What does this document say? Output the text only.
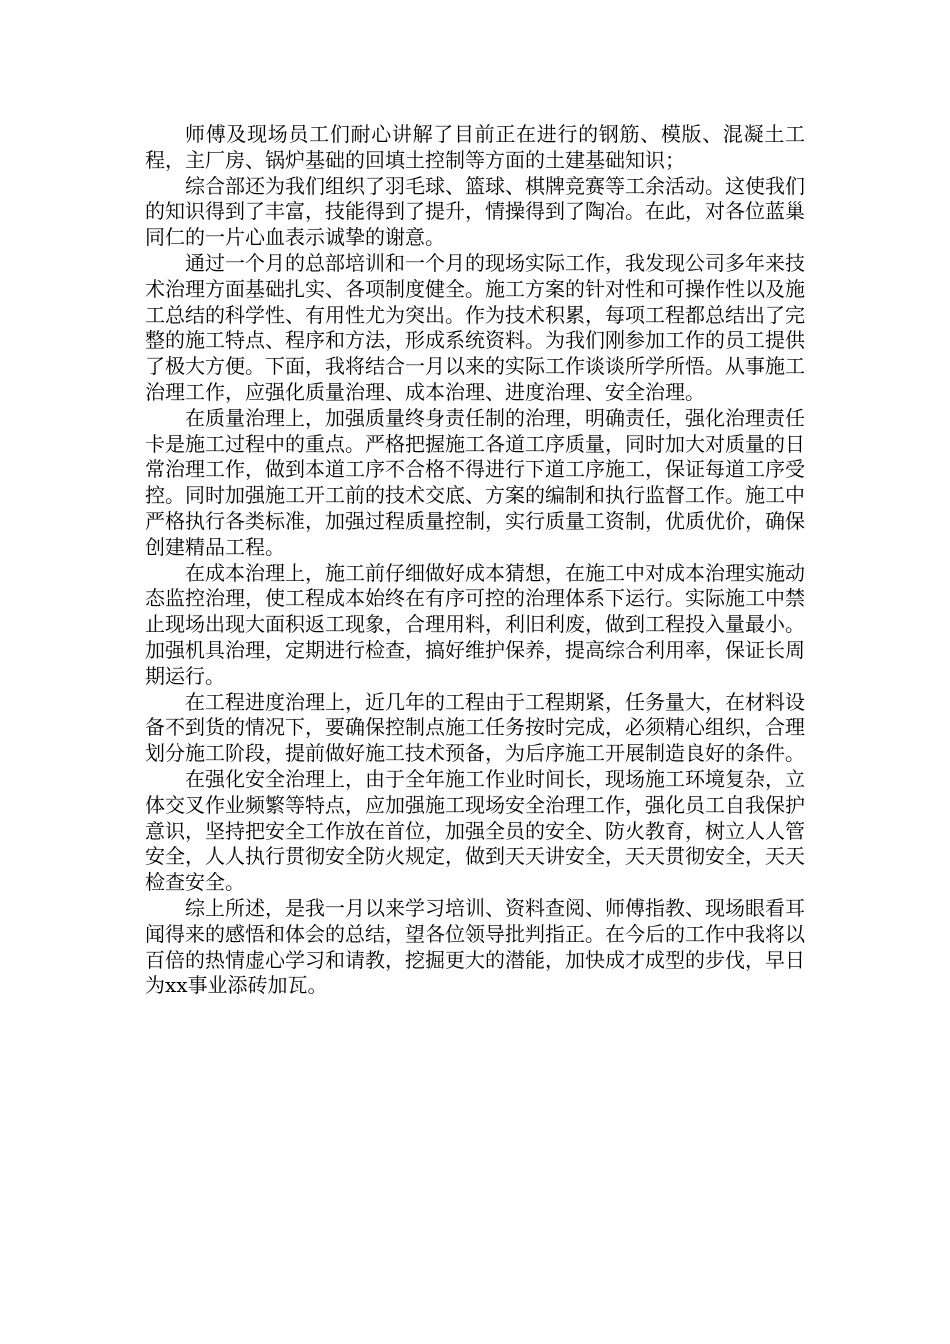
师傅及现场员工们耐心讲解了目前正在进行的钢筋、模版、混凝土工程，主厂房、锅炉基础的回填土控制等方面的土建基础知识；

综合部还为我们组织了羽毛球、篮球、棋牌竞赛等工余活动。这使我们的知识得到了丰富，技能得到了提升，情操得到了陶冶。在此，对各位蓝巢同仁的一片心血表示诚挚的谢意。

通过一个月的总部培训和一个月的现场实际工作，我发现公司多年来技术治理方面基础扎实、各项制度健全。施工方案的针对性和可操作性以及施工总结的科学性、有用性尤为突出。作为技术积累，每项工程都总结出了完整的施工特点、程序和方法，形成系统资料。为我们刚参加工作的员工提供了极大方便。下面，我将结合一月以来的实际工作谈谈所学所悟。从事施工治理工作，应强化质量治理、成本治理、进度治理、安全治理。

在质量治理上，加强质量终身责任制的治理，明确责任，强化治理责任卡是施工过程中的重点。严格把握施工各道工序质量，同时加大对质量的日常治理工作，做到本道工序不合格不得进行下道工序施工，保证每道工序受控。同时加强施工开工前的技术交底、方案的编制和执行监督工作。施工中严格执行各类标准，加强过程质量控制，实行质量工资制，优质优价，确保创建精品工程。

在成本治理上，施工前仔细做好成本猜想，在施工中对成本治理实施动态监控治理，使工程成本始终在有序可控的治理体系下运行。实际施工中禁止现场出现大面积返工现象，合理用料，利旧利废，做到工程投入量最小。加强机具治理，定期进行检查，搞好维护保养，提高综合利用率，保证长周期运行。

在工程进度治理上，近几年的工程由于工程期紧，任务量大，在材料设备不到货的情况下，要确保控制点施工任务按时完成，必须精心组织，合理划分施工阶段，提前做好施工技术预备，为后序施工开展制造良好的条件。

在强化安全治理上，由于全年施工作业时间长，现场施工环境复杂，立体交叉作业频繁等特点，应加强施工现场安全治理工作，强化员工自我保护意识，坚持把安全工作放在首位，加强全员的安全、防火教育，树立人人管安全，人人执行贯彻安全防火规定，做到天天讲安全，天天贯彻安全，天天检查安全。

综上所述，是我一月以来学习培训、资料查阅、师傅指教、现场眼看耳闻得来的感悟和体会的总结，望各位领导批判指正。在今后的工作中我将以百倍的热情虚心学习和请教，挖掘更大的潜能，加快成才成型的步伐，早日为xx事业添砖加瓦。
